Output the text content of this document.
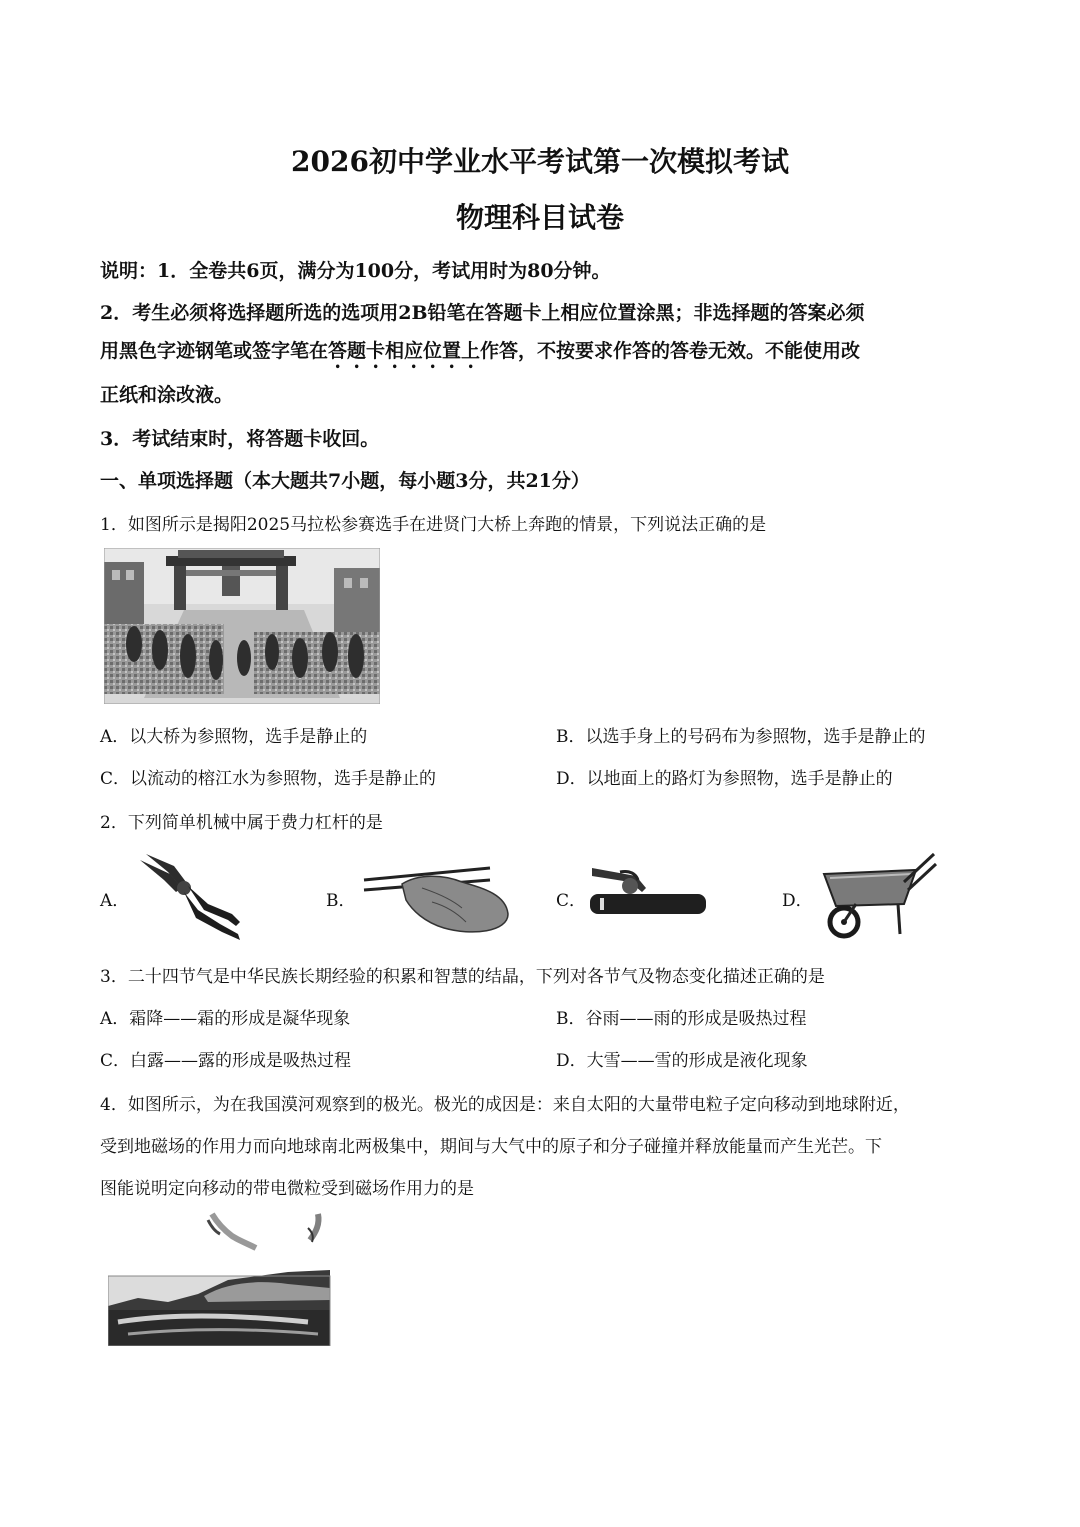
2026初中学业水平考试第一次模拟考试
物理科目试卷
说明：1．全卷共6页，满分为100分，考试用时为80分钟。
2．考生必须将选择题所选的选项用2B铅笔在答题卡上相应位置涂黑；非选择题的答案必须
用黑色字迹钢笔或签字笔在答题卡相应位置上作答，不按要求作答的答卷无效。不能使用改
正纸和涂改液。
3．考试结束时，将答题卡收回。
一、单项选择题（本大题共7小题，每小题3分，共21分）
1．如图所示是揭阳2025马拉松参赛选手在进贤门大桥上奔跑的情景，下列说法正确的是
A．以大桥为参照物，选手是静止的	B．以选手身上的号码布为参照物，选手是静止的
C．以流动的榕江水为参照物，选手是静止的	D．以地面上的路灯为参照物，选手是静止的
2．下列简单机械中属于费力杠杆的是
A．	B．	C．	D．
3．二十四节气是中华民族长期经验的积累和智慧的结晶，下列对各节气及物态变化描述正确的是
A．霜降——霜的形成是凝华现象	B．谷雨——雨的形成是吸热过程
C．白露——露的形成是吸热过程	D．大雪——雪的形成是液化现象
4．如图所示，为在我国漠河观察到的极光。极光的成因是：来自太阳的大量带电粒子定向移动到地球附近，
受到地磁场的作用力而向地球南北两极集中，期间与大气中的原子和分子碰撞并释放能量而产生光芒。下
图能说明定向移动的带电微粒受到磁场作用力的是
